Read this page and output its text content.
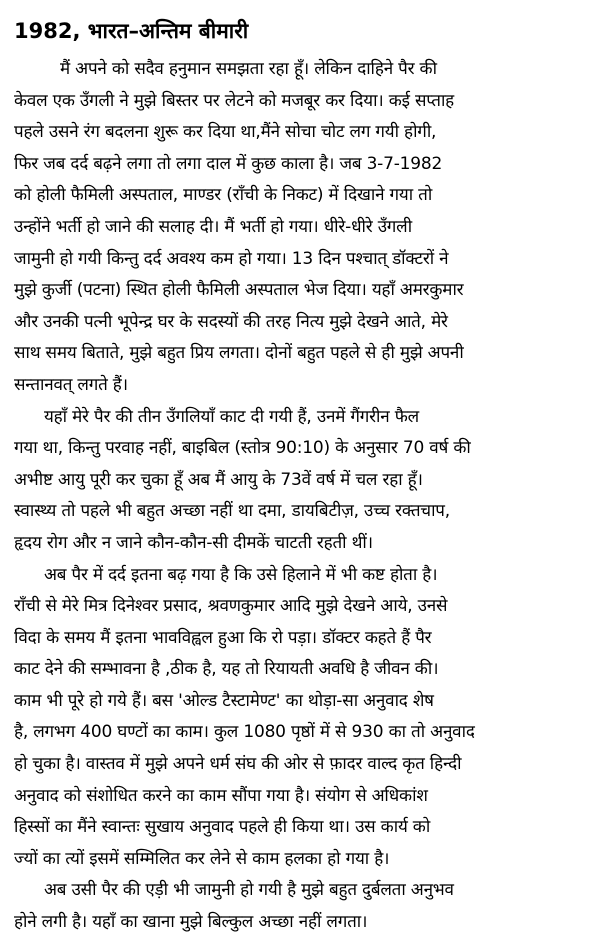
1982, भारत–अन्तिम बीमारी
मैं अपने को सदैव हनुमान समझता रहा हूँ। लेकिन दाहिने पैर की
केवल एक उँगली ने मुझे बिस्तर पर लेटने को मजबूर कर दिया। कई सप्ताह
पहले उसने रंग बदलना शुरू कर दिया था,मैंने सोचा चोट लग गयी होगी,
फिर जब दर्द बढ़ने लगा तो लगा दाल में कुछ काला है। जब 3-7-1982
को होली फैमिली अस्पताल, माण्डर (राँची के निकट) में दिखाने गया तो
उन्होंने भर्ती हो जाने की सलाह दी। मैं भर्ती हो गया। धीरे-धीरे उँगली
जामुनी हो गयी किन्तु दर्द अवश्य कम हो गया। 13 दिन पश्चात् डॉक्टरों ने
मुझे कुर्जी (पटना) स्थित होली फैमिली अस्पताल भेज दिया। यहाँ अमरकुमार
और उनकी पत्नी भूपेन्द्र घर के सदस्यों की तरह नित्य मुझे देखने आते, मेरे
साथ समय बिताते, मुझे बहुत प्रिय लगता। दोनों बहुत पहले से ही मुझे अपनी
सन्तानवत् लगते हैं।
यहाँ मेरे पैर की तीन उँगलियाँ काट दी गयी हैं, उनमें गैंगरीन फैल
गया था, किन्तु परवाह नहीं, बाइबिल (स्तोत्र 90:10) के अनुसार 70 वर्ष की
अभीष्ट आयु पूरी कर चुका हूँ अब मैं आयु के 73वें वर्ष में चल रहा हूँ।
स्वास्थ्य तो पहले भी बहुत अच्छा नहीं था दमा, डायबिटीज़, उच्च रक्तचाप,
हृदय रोग और न जाने कौन-कौन-सी दीमकें चाटती रहती थीं।
अब पैर में दर्द इतना बढ़ गया है कि उसे हिलाने में भी कष्ट होता है।
राँची से मेरे मित्र दिनेश्वर प्रसाद, श्रवणकुमार आदि मुझे देखने आये, उनसे
विदा के समय मैं इतना भावविह्वल हुआ कि रो पड़ा। डॉक्टर कहते हैं पैर
काट देने की सम्भावना है ,ठीक है, यह तो रियायती अवधि है जीवन की।
काम भी पूरे हो गये हैं। बस 'ओल्ड टैस्टामेण्ट' का थोड़ा-सा अनुवाद शेष
है, लगभग 400 घण्टों का काम। कुल 1080 पृष्ठों में से 930 का तो अनुवाद
हो चुका है। वास्तव में मुझे अपने धर्म संघ की ओर से फ़ादर वाल्द कृत हिन्दी
अनुवाद को संशोधित करने का काम सौंपा गया है। संयोग से अधिकांश
हिस्सों का मैंने स्वान्तः सुखाय अनुवाद पहले ही किया था। उस कार्य को
ज्यों का त्यों इसमें सम्मिलित कर लेने से काम हलका हो गया है।
अब उसी पैर की एड़ी भी जामुनी हो गयी है मुझे बहुत दुर्बलता अनुभव
होने लगी है। यहाँ का खाना मुझे बिल्कुल अच्छा नहीं लगता।
